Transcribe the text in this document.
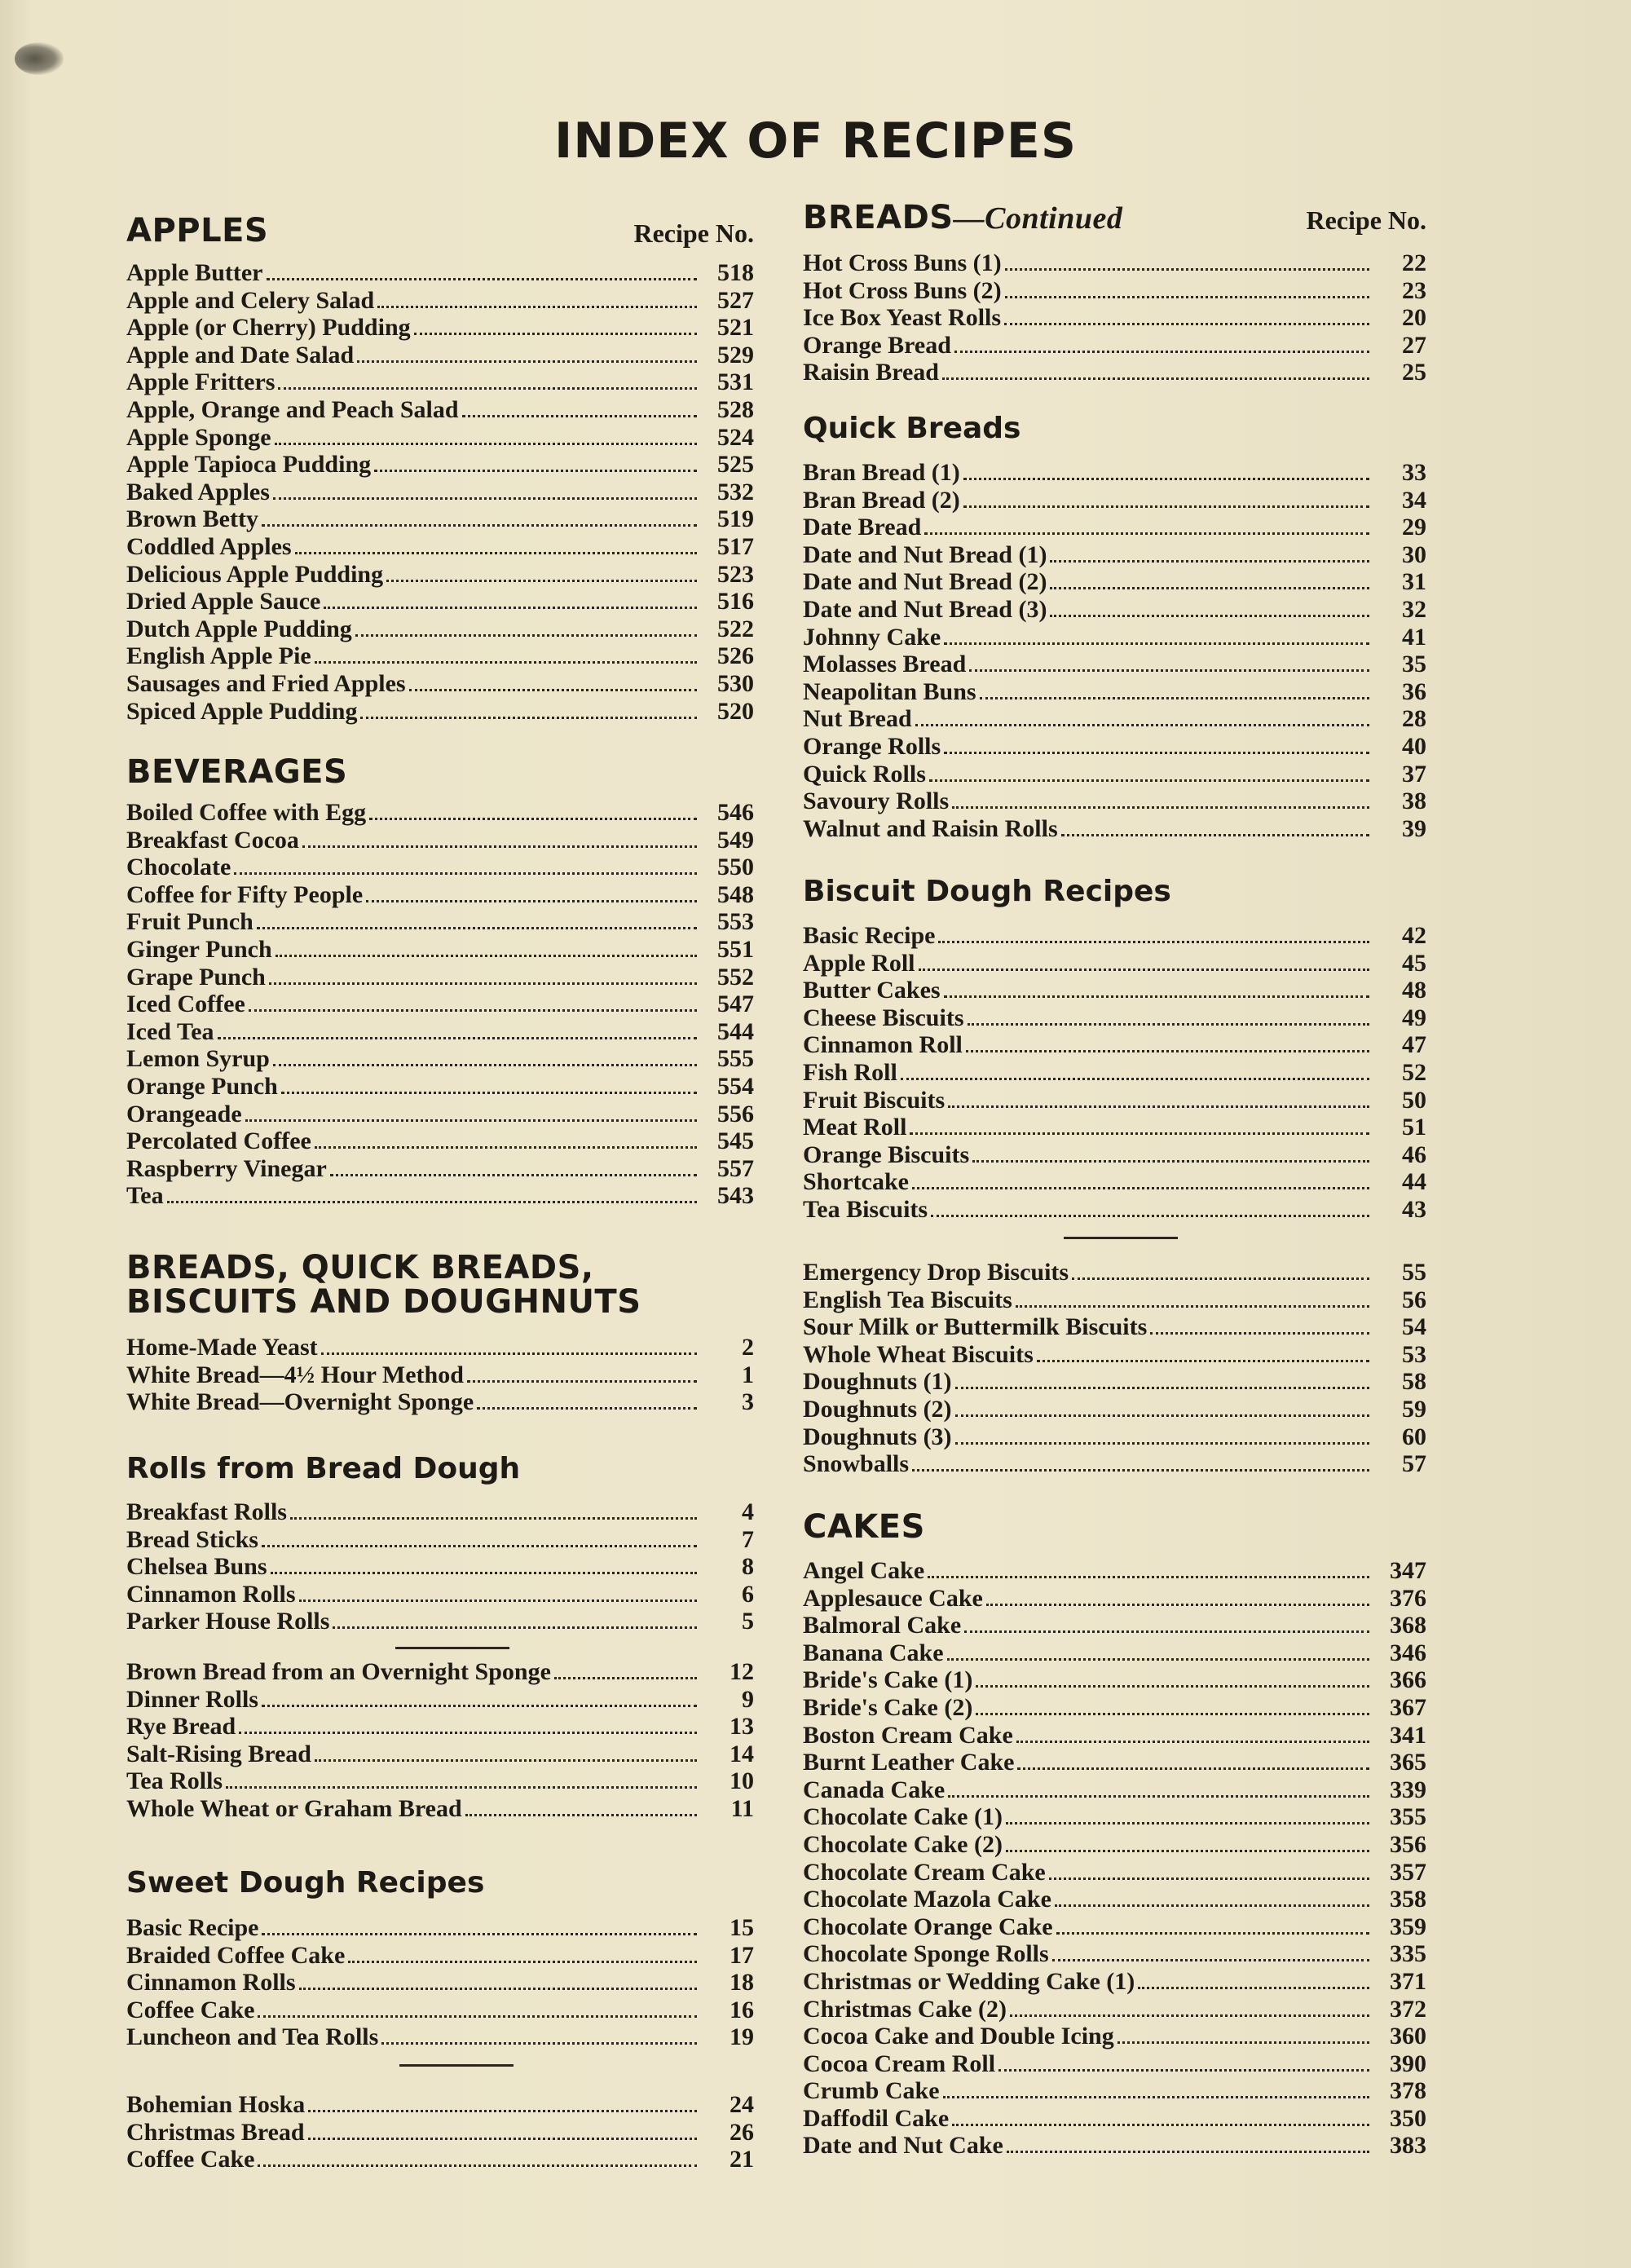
INDEX OF RECIPES
APPLES	Recipe No.
Apple Butter	518
Apple and Celery Salad	527
Apple (or Cherry) Pudding	521
Apple and Date Salad	529
Apple Fritters	531
Apple, Orange and Peach Salad	528
Apple Sponge	524
Apple Tapioca Pudding	525
Baked Apples	532
Brown Betty	519
Coddled Apples	517
Delicious Apple Pudding	523
Dried Apple Sauce	516
Dutch Apple Pudding	522
English Apple Pie	526
Sausages and Fried Apples	530
Spiced Apple Pudding	520
BEVERAGES
Boiled Coffee with Egg	546
Breakfast Cocoa	549
Chocolate	550
Coffee for Fifty People	548
Fruit Punch	553
Ginger Punch	551
Grape Punch	552
Iced Coffee	547
Iced Tea	544
Lemon Syrup	555
Orange Punch	554
Orangeade	556
Percolated Coffee	545
Raspberry Vinegar	557
Tea	543
BREADS, QUICK BREADS,
BISCUITS AND DOUGHNUTS
Home-Made Yeast	2
White Bread—4½ Hour Method	1
White Bread—Overnight Sponge	3
Rolls from Bread Dough
Breakfast Rolls	4
Bread Sticks	7
Chelsea Buns	8
Cinnamon Rolls	6
Parker House Rolls	5
Brown Bread from an Overnight Sponge	12
Dinner Rolls	9
Rye Bread	13
Salt-Rising Bread	14
Tea Rolls	10
Whole Wheat or Graham Bread	11
Sweet Dough Recipes
Basic Recipe	15
Braided Coffee Cake	17
Cinnamon Rolls	18
Coffee Cake	16
Luncheon and Tea Rolls	19
Bohemian Hoska	24
Christmas Bread	26
Coffee Cake	21
BREADS—Continued	Recipe No.
Hot Cross Buns (1)	22
Hot Cross Buns (2)	23
Ice Box Yeast Rolls	20
Orange Bread	27
Raisin Bread	25
Quick Breads
Bran Bread (1)	33
Bran Bread (2)	34
Date Bread	29
Date and Nut Bread (1)	30
Date and Nut Bread (2)	31
Date and Nut Bread (3)	32
Johnny Cake	41
Molasses Bread	35
Neapolitan Buns	36
Nut Bread	28
Orange Rolls	40
Quick Rolls	37
Savoury Rolls	38
Walnut and Raisin Rolls	39
Biscuit Dough Recipes
Basic Recipe	42
Apple Roll	45
Butter Cakes	48
Cheese Biscuits	49
Cinnamon Roll	47
Fish Roll	52
Fruit Biscuits	50
Meat Roll	51
Orange Biscuits	46
Shortcake	44
Tea Biscuits	43
Emergency Drop Biscuits	55
English Tea Biscuits	56
Sour Milk or Buttermilk Biscuits	54
Whole Wheat Biscuits	53
Doughnuts (1)	58
Doughnuts (2)	59
Doughnuts (3)	60
Snowballs	57
CAKES
Angel Cake	347
Applesauce Cake	376
Balmoral Cake	368
Banana Cake	346
Bride's Cake (1)	366
Bride's Cake (2)	367
Boston Cream Cake	341
Burnt Leather Cake	365
Canada Cake	339
Chocolate Cake (1)	355
Chocolate Cake (2)	356
Chocolate Cream Cake	357
Chocolate Mazola Cake	358
Chocolate Orange Cake	359
Chocolate Sponge Rolls	335
Christmas or Wedding Cake (1)	371
Christmas Cake (2)	372
Cocoa Cake and Double Icing	360
Cocoa Cream Roll	390
Crumb Cake	378
Daffodil Cake	350
Date and Nut Cake	383
